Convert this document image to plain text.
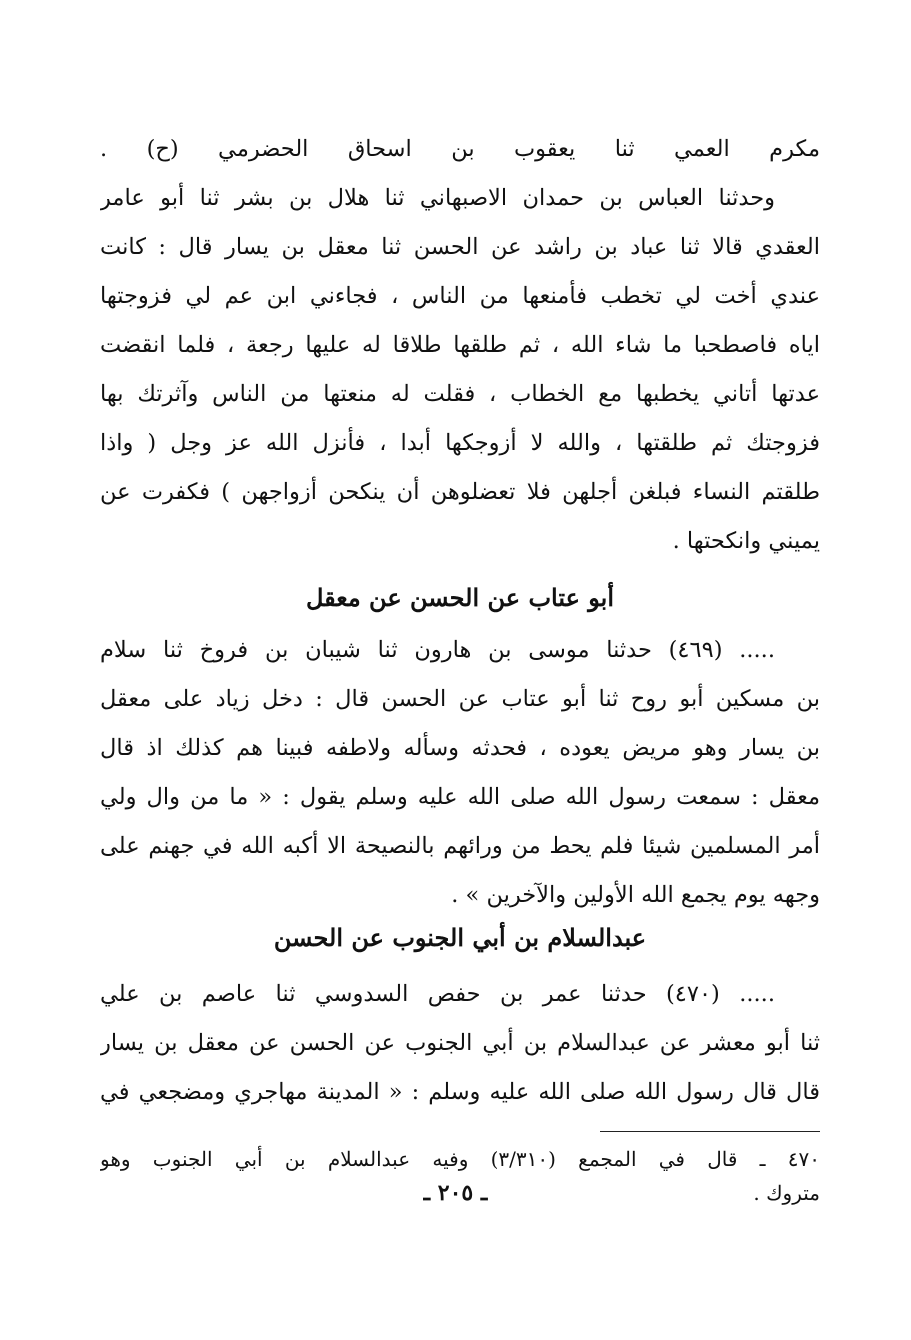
مكرم العمي ثنا يعقوب بن اسحاق الحضرمي (ح) .
وحدثنا العباس بن حمدان الاصبهاني ثنا هلال بن بشر ثنا أبو عامر
العقدي قالا ثنا عباد بن راشد عن الحسن ثنا معقل بن يسار قال : كانت
عندي أخت لي تخطب فأمنعها من الناس ، فجاءني ابن عم لي فزوجتها
اياه فاصطحبا ما شاء الله ، ثم طلقها طلاقا له عليها رجعة ، فلما انقضت
عدتها أتاني يخطبها مع الخطاب ، فقلت له منعتها من الناس وآثرتك بها
فزوجتك ثم طلقتها ، والله لا أزوجكها أبدا ، فأنزل الله عز وجل ( واذا
طلقتم النساء فبلغن أجلهن فلا تعضلوهن أن ينكحن أزواجهن ) فكفرت عن
يميني وانكحتها .
أبو عتاب عن الحسن عن معقل
..... (٤٦٩) حدثنا موسى بن هارون ثنا شيبان بن فروخ ثنا سلام
بن مسكين أبو روح ثنا أبو عتاب عن الحسن قال : دخل زياد على معقل
بن يسار وهو مريض يعوده ، فحدثه وسأله ولاطفه فبينا هم كذلك اذ قال
معقل : سمعت رسول الله صلى الله عليه وسلم يقول : « ما من وال ولي
أمر المسلمين شيئا فلم يحط من ورائهم بالنصيحة الا أكبه الله في جهنم على
وجهه يوم يجمع الله الأولين والآخرين » .
عبدالسلام بن أبي الجنوب عن الحسن
..... (٤٧٠) حدثنا عمر بن حفص السدوسي ثنا عاصم بن علي
ثنا أبو معشر عن عبدالسلام بن أبي الجنوب عن الحسن عن معقل بن يسار
قال قال رسول الله صلى الله عليه وسلم : « المدينة مهاجري ومضجعي في
٤٧٠ ـ قال في المجمع (٣/٣١٠) وفيه عبدالسلام بن أبي الجنوب وهو
متروك .
ـ ٢٠٥ ـ
